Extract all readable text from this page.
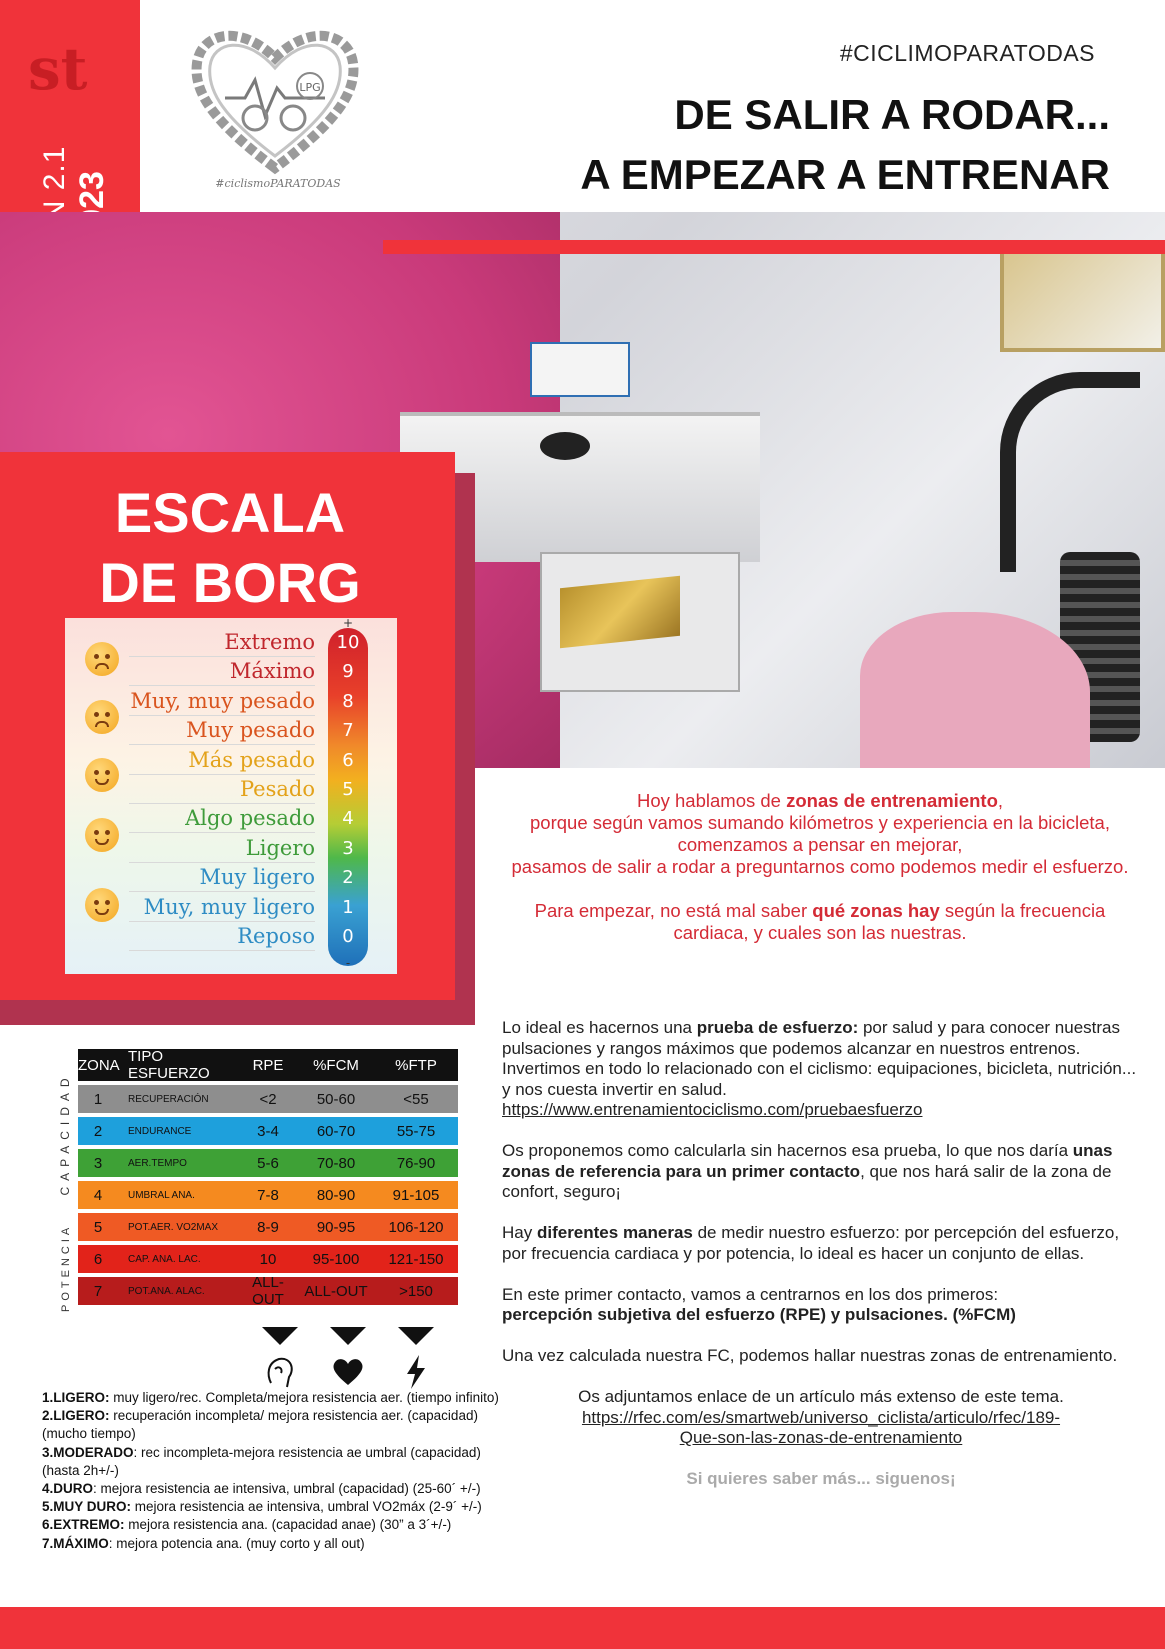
st	LPG
#ciclismoPARATODAS
#CICLIMOPARATODAS
DE SALIR A RODAR...
A EMPEZAR A ENTRENAR
ESCALA
DE BORG
+
-
Extremo	10
Máximo	9
Muy, muy pesado	8
Muy pesado	7
Más pesado	6
Pesado	5
Algo pesado	4
Ligero	3
Muy ligero	2
Muy, muy ligero	1
Reposo	0
POTENCIA    CAPACIDAD
ZONA TIPO ESFUERZO	RPE	%FCM	%FTP
1	RECUPERACIÓN	<2	50-60	<55
2	ENDURANCE	3-4	60-70	55-75
3	AER.TEMPO	5-6	70-80	76-90
4	UMBRAL ANA.	7-8	80-90	91-105
5	POT.AER. VO2MAX	8-9	90-95	106-120
6	CAP. ANA. LAC.	10	95-100	121-150
7	POT.ANA. ALAC.	ALL-OUT	ALL-OUT	>150
1.LIGERO: muy ligero/rec. Completa/mejora resistencia aer. (tiempo infinito)
2.LIGERO: recuperación incompleta/ mejora resistencia aer. (capacidad) (mucho tiempo)
3.MODERADO: rec incompleta-mejora resistencia ae umbral (capacidad) (hasta 2h+/-)
4.DURO: mejora resistencia ae intensiva, umbral (capacidad) (25-60´ +/-)
5.MUY DURO: mejora resistencia ae intensiva, umbral VO2máx (2-9´ +/-)
6.EXTREMO: mejora resistencia ana. (capacidad anae) (30” a 3´+/-)
7.MÁXIMO: mejora potencia ana. (muy corto y all out)

Hoy hablamos de zonas de entrenamiento,
porque según vamos sumando kilómetros y experiencia en la bicicleta, comenzamos a pensar en mejorar,
pasamos de salir a rodar a preguntarnos como podemos medir el esfuerzo.

Para empezar, no está mal saber qué zonas hay según la frecuencia cardiaca, y cuales son las nuestras.

Lo ideal es hacernos una prueba de esfuerzo: por salud y para conocer nuestras pulsaciones y rangos máximos que podemos alcanzar en nuestros entrenos. Invertimos en todo lo relacionado con el ciclismo: equipaciones, bicicleta, nutrición... y nos cuesta invertir en salud.
https://www.entrenamientociclismo.com/pruebaesfuerzo

Os proponemos como calcularla sin hacernos esa prueba, lo que nos daría unas zonas de referencia para un primer contacto, que nos hará salir de la zona de confort, seguro¡

Hay diferentes maneras de medir nuestro esfuerzo: por percepción del esfuerzo, por frecuencia cardiaca y por potencia, lo ideal es hacer un conjunto de ellas.

En este primer contacto, vamos a centrarnos en los dos primeros:
percepción subjetiva del esfuerzo (RPE) y pulsaciones. (%FCM)

Una vez calculada nuestra FC, podemos hallar nuestras zonas de entrenamiento.

Os adjuntamos enlace de un artículo más extenso de este tema.
https://rfec.com/es/smartweb/universo_ciclista/articulo/rfec/189-
Que-son-las-zonas-de-entrenamiento

Si quieres saber más... siguenos¡
